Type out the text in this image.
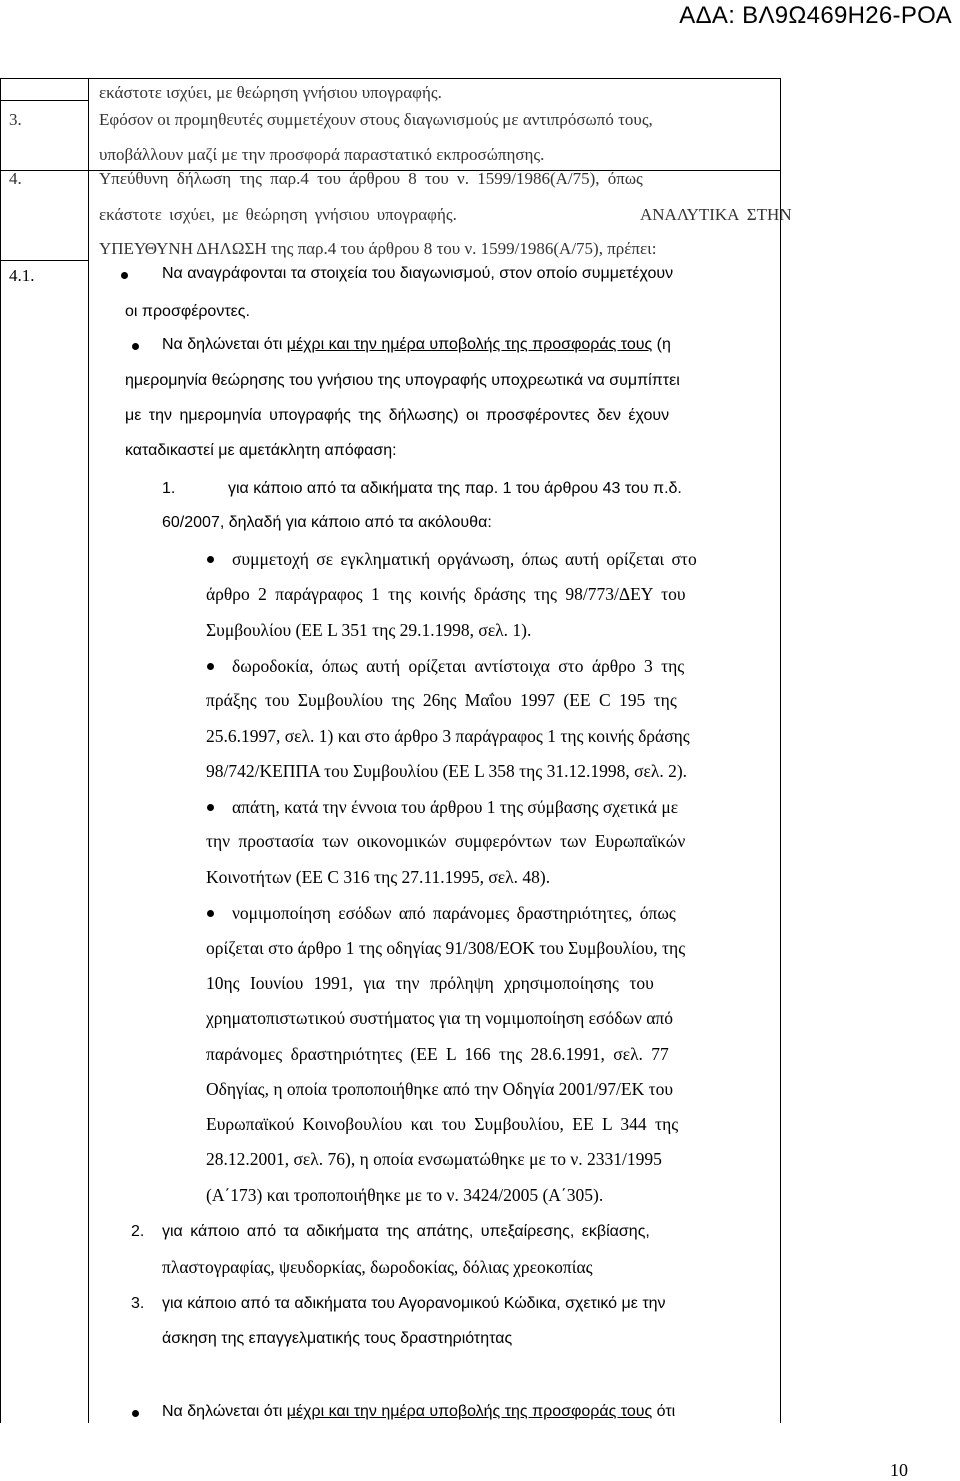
ΑΔΑ: ΒΛ9Ω469Η26-ΡΟΑ
εκάστοτε ισχύει, με θεώρηση γνήσιου υπογραφής.
3.	Εφόσον οι προμηθευτές συμμετέχουν στους διαγωνισμούς με αντιπρόσωπό τους,
υποβάλλουν μαζί με την προσφορά παραστατικό εκπροσώπησης.
4.	Υπεύθυνη δήλωση της παρ.4 του άρθρου 8 του ν. 1599/1986(Α/75), όπως
εκάστοτε ισχύει, με θεώρηση γνήσιου υπογραφής.	ΑΝΑΛΥΤΙΚΑ ΣΤΗΝ
ΥΠΕΥΘΥΝΗ ΔΗΛΩΣΗ της παρ.4 του άρθρου 8 του ν. 1599/1986(Α/75), πρέπει:
4.1.	Να αναγράφονται τα στοιχεία του διαγωνισμού, στον οποίο συμμετέχουν
οι προσφέροντες.
Να δηλώνεται ότι μέχρι και την ημέρα υποβολής της προσφοράς τους (η
ημερομηνία θεώρησης του γνήσιου της υπογραφής υποχρεωτικά να συμπίπτει
με την ημερομηνία υπογραφής της δήλωσης) οι προσφέροντες δεν έχουν
καταδικαστεί με αμετάκλητη απόφαση:
1.	για κάποιο από τα αδικήματα της παρ. 1 του άρθρου 43 του π.δ.
60/2007, δηλαδή για κάποιο από τα ακόλουθα:
συμμετοχή σε εγκληματική οργάνωση, όπως αυτή ορίζεται στο
άρθρο 2 παράγραφος 1 της κοινής δράσης της 98/773/ΔΕΥ του
Συμβουλίου (ΕΕ L 351 της 29.1.1998, σελ. 1).
δωροδοκία, όπως αυτή ορίζεται αντίστοιχα στο άρθρο 3 της
πράξης του Συμβουλίου της 26ης Μαΐου 1997 (ΕΕ C 195 της
25.6.1997, σελ. 1) και στο άρθρο 3 παράγραφος 1 της κοινής δράσης
98/742/ΚΕΠΠΑ του Συμβουλίου (ΕΕ L 358 της 31.12.1998, σελ. 2).
απάτη, κατά την έννοια του άρθρου 1 της σύμβασης σχετικά με
την προστασία των οικονομικών συμφερόντων των Ευρωπαϊκών
Κοινοτήτων (ΕΕ C 316 της 27.11.1995, σελ. 48).
νομιμοποίηση εσόδων από παράνομες δραστηριότητες, όπως
ορίζεται στο άρθρο 1 της οδηγίας 91/308/ΕΟΚ του Συμβουλίου, της
10ης Ιουνίου 1991, για την πρόληψη χρησιμοποίησης του
χρηματοπιστωτικού συστήματος για τη νομιμοποίηση εσόδων από
παράνομες δραστηριότητες (ΕΕ L 166 της 28.6.1991, σελ. 77
Οδηγίας, η οποία τροποποιήθηκε από την Οδηγία 2001/97/ΕΚ του
Ευρωπαϊκού Κοινοβουλίου και του Συμβουλίου, ΕΕ L 344 της
28.12.2001, σελ. 76), η οποία ενσωματώθηκε με το ν. 2331/1995
(Α΄173) και τροποποιήθηκε με το ν. 3424/2005 (Α΄305).
2. για κάποιο από τα αδικήματα της απάτης, υπεξαίρεσης, εκβίασης,
πλαστογραφίας, ψευδορκίας, δωροδοκίας, δόλιας χρεοκοπίας
3. για κάποιο από τα αδικήματα του Αγορανομικού Κώδικα, σχετικό με την
άσκηση της επαγγελματικής τους δραστηριότητας
Να δηλώνεται ότι μέχρι και την ημέρα υποβολής της προσφοράς τους ότι
10
